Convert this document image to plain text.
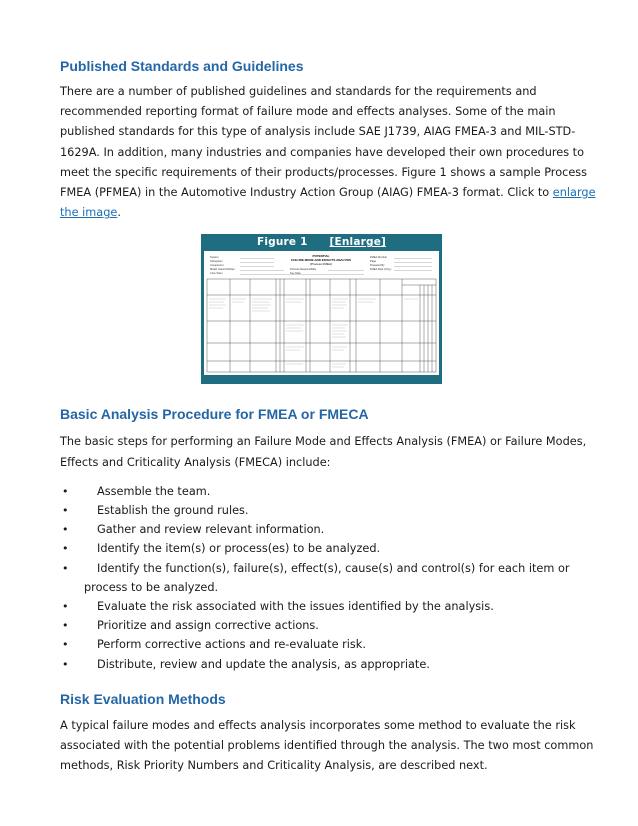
Published Standards and Guidelines

There are a number of published guidelines and standards for the requirements and recommended reporting format of failure mode and effects analyses. Some of the main published standards for this type of analysis include SAE J1739, AIAG FMEA-3 and MIL-STD-1629A. In addition, many industries and companies have developed their own procedures to meet the specific requirements of their products/processes. Figure 1 shows a sample Process FMEA (PFMEA) in the Automotive Industry Action Group (AIAG) FMEA-3 format. Click to enlarge the image.

Figure 1 [Enlarge]
POTENTIAL
FAILURE MODE AND EFFECTS ANALYSIS
(Process FMEA)
System
Subsystem
Component
Model Years/Vehicles
Core Team
Process Responsibility
Key Date
FMEA Number
Page
Prepared By
FMEA Date (Orig.)
Basic Analysis Procedure for FMEA or FMECA

The basic steps for performing an Failure Mode and Effects Analysis (FMEA) or Failure Modes, Effects and Criticality Analysis (FMECA) include:

•	Assemble the team.
•	Establish the ground rules.
•	Gather and review relevant information.
•	Identify the item(s) or process(es) to be analyzed.
•	Identify the function(s), failure(s), effect(s), cause(s) and control(s) for each item or process to be analyzed.
•	Evaluate the risk associated with the issues identified by the analysis.
•	Prioritize and assign corrective actions.
•	Perform corrective actions and re-evaluate risk.
•	Distribute, review and update the analysis, as appropriate.
Risk Evaluation Methods

A typical failure modes and effects analysis incorporates some method to evaluate the risk associated with the potential problems identified through the analysis. The two most common methods, Risk Priority Numbers and Criticality Analysis, are described next.
